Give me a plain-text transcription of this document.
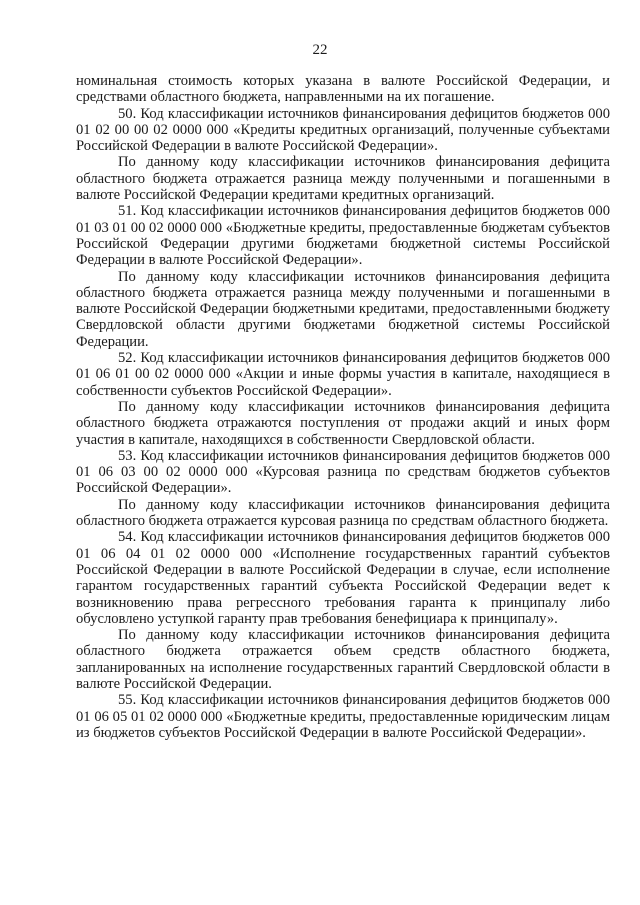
22

номинальная стоимость которых указана в валюте Российской Федерации, и средствами областного бюджета, направленными на их погашение.

50. Код классификации источников финансирования дефицитов бюджетов 000 01 02 00 00 02 0000 000 «Кредиты кредитных организаций, полученные субъектами Российской Федерации в валюте Российской Федерации».

По данному коду классификации источников финансирования дефицита областного бюджета отражается разница между полученными и погашенными в валюте Российской Федерации кредитами кредитных организаций.

51. Код классификации источников финансирования дефицитов бюджетов 000 01 03 01 00 02 0000 000 «Бюджетные кредиты, предоставленные бюджетам субъектов Российской Федерации другими бюджетами бюджетной системы Российской Федерации в валюте Российской Федерации».

По данному коду классификации источников финансирования дефицита областного бюджета отражается разница между полученными и погашенными в валюте Российской Федерации бюджетными кредитами, предоставленными бюджету Свердловской области другими бюджетами бюджетной системы Российской Федерации.

52. Код классификации источников финансирования дефицитов бюджетов 000 01 06 01 00 02 0000 000 «Акции и иные формы участия в капитале, находящиеся в собственности субъектов Российской Федерации».

По данному коду классификации источников финансирования дефицита областного бюджета отражаются поступления от продажи акций и иных форм участия в капитале, находящихся в собственности Свердловской области.

53. Код классификации источников финансирования дефицитов бюджетов 000 01 06 03 00 02 0000 000 «Курсовая разница по средствам бюджетов субъектов Российской Федерации».

По данному коду классификации источников финансирования дефицита областного бюджета отражается курсовая разница по средствам областного бюджета.

54. Код классификации источников финансирования дефицитов бюджетов 000 01 06 04 01 02 0000 000 «Исполнение государственных гарантий субъектов Российской Федерации в валюте Российской Федерации в случае, если исполнение гарантом государственных гарантий субъекта Российской Федерации ведет к возникновению права регрессного требования гаранта к принципалу либо обусловлено уступкой гаранту прав требования бенефициара к принципалу».

По данному коду классификации источников финансирования дефицита областного бюджета отражается объем средств областного бюджета, запланированных на исполнение государственных гарантий Свердловской области в валюте Российской Федерации.

55. Код классификации источников финансирования дефицитов бюджетов 000 01 06 05 01 02 0000 000 «Бюджетные кредиты, предоставленные юридическим лицам из бюджетов субъектов Российской Федерации в валюте Российской Федерации».
